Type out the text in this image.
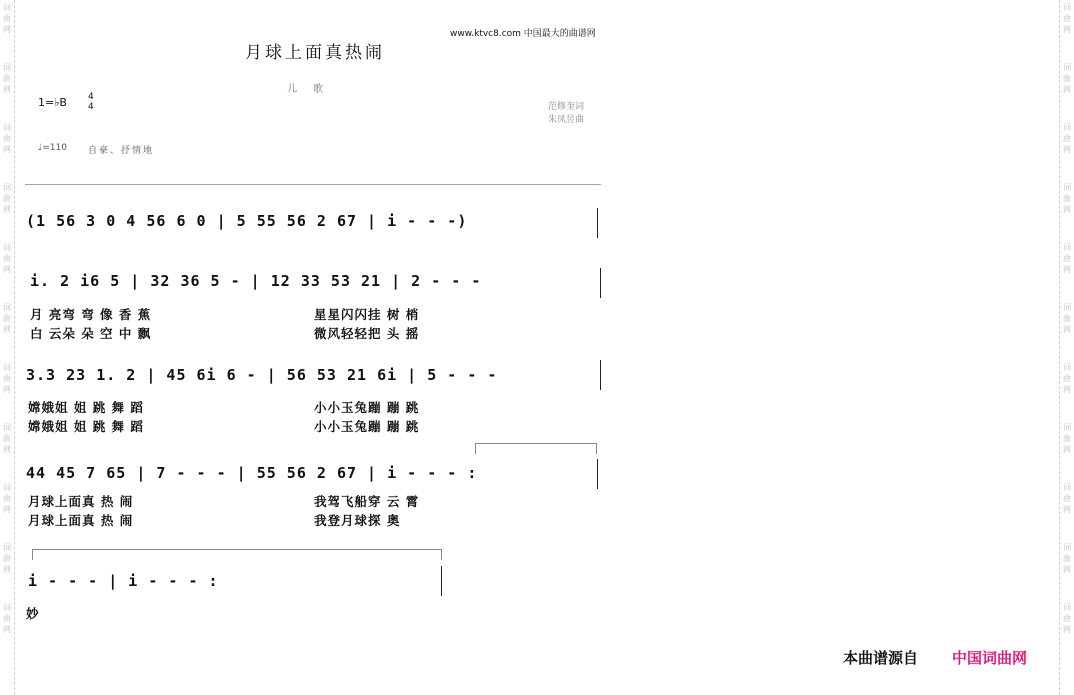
词
曲
网
词
曲
网
词
曲
网
词
曲
网
词
曲
网
词
曲
网
词
曲
网
词
曲
网
词
曲
网
词
曲
网
词
曲
网
词
曲
网
词
曲
网
词
曲
网
词
曲
网
词
曲
网
词
曲
网
词
曲
网
词
曲
网
词
曲
网
词
曲
网
词
曲
网
月球上面真热闹
www.ktvc8.com 中国最大的曲谱网
儿歌
1=♭B 4
4	范修奎词
朱凤昱曲
♩=110 自豪、抒情地
(1 56 3 0 4 56 6 0 | 5 55 56 2 67 | i - - -)
i. 2 i6 5 | 32 36 5 - | 12 33 53 21 | 2 - - -
月 亮弯 弯 像 香 蕉
白 云朵 朵 空 中 飘
星星闪闪挂 树 梢
微风轻轻把 头 摇
3.3 23 1. 2 | 45 6i 6 - | 56 53 21 6i | 5 - - -
嫦娥姐 姐 跳 舞 蹈
嫦娥姐 姐 跳 舞 蹈
小小玉兔蹦 蹦 跳
小小玉兔蹦 蹦 跳
44 45 7 65 | 7 - - - | 55 56 2 67 | i - - - :
月球上面真 热 闹
月球上面真 热 闹
我驾飞船穿 云 霄
我登月球探 奥
i - - - | i - - - :
妙
本曲谱源自 中国词曲网
